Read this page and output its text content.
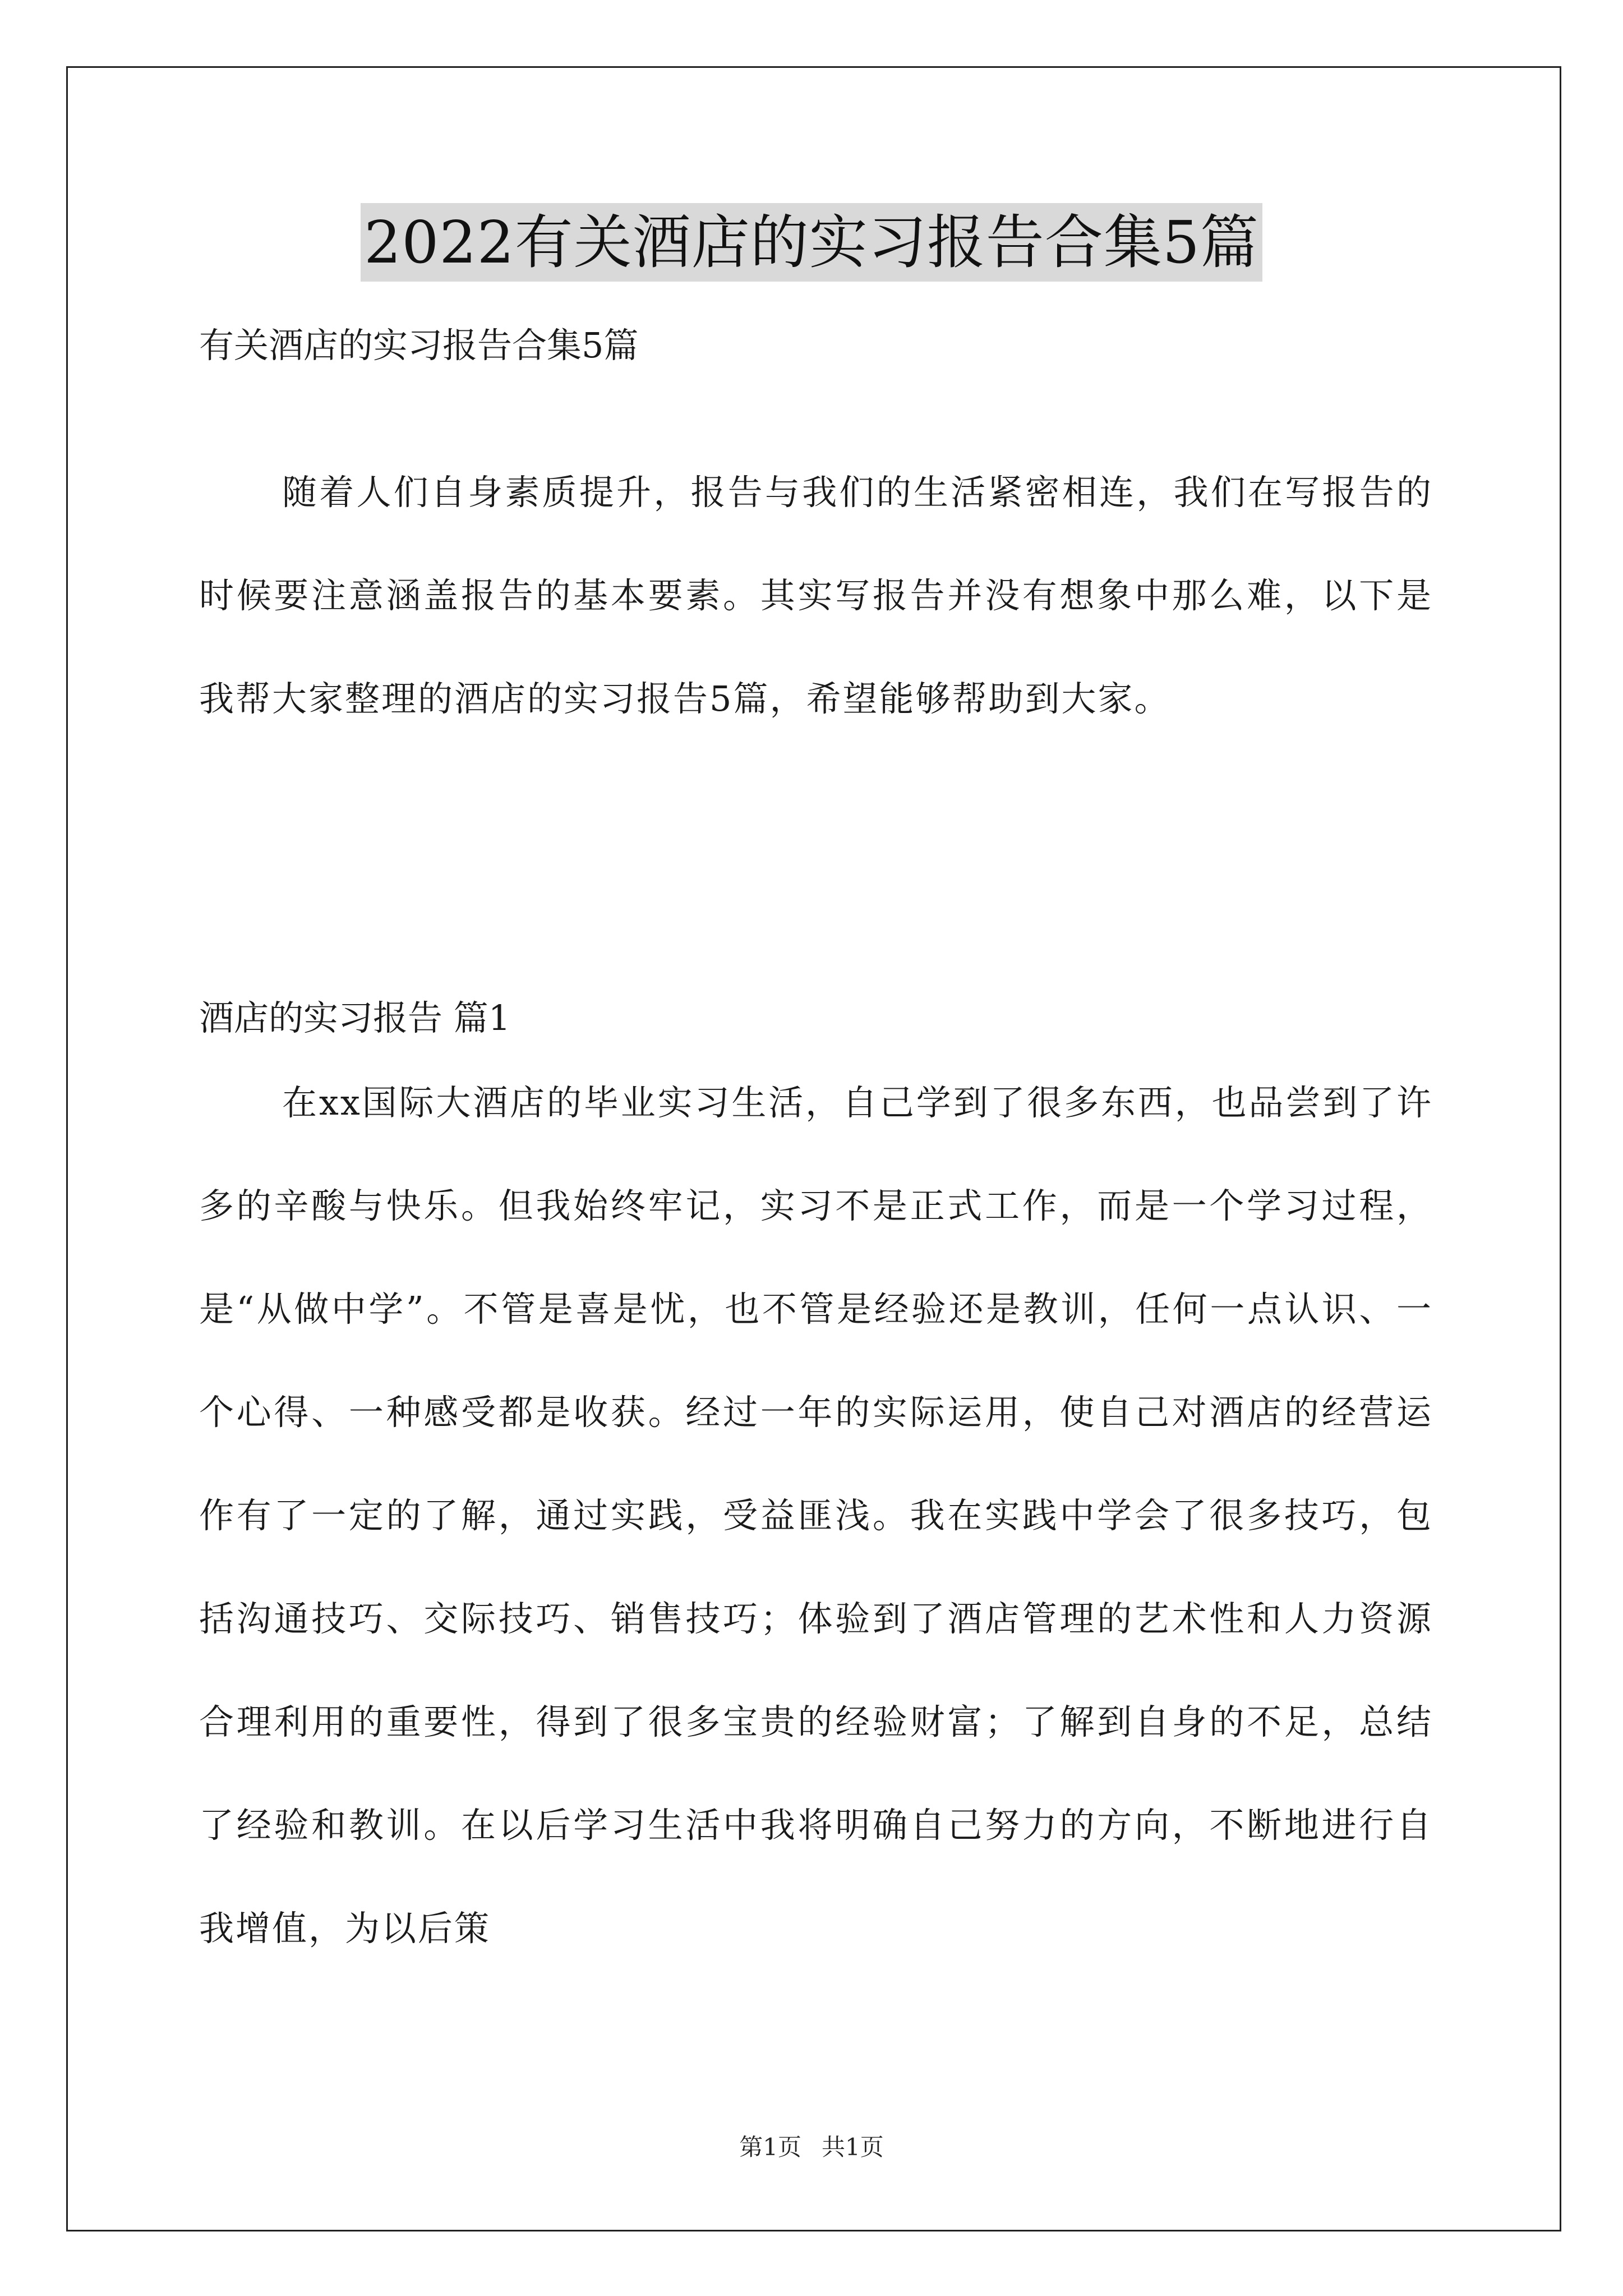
2022有关酒店的实习报告合集5篇
有关酒店的实习报告合集5篇

随着人们自身素质提升，报告与我们的生活紧密相连，我们在写报告的时候要注意涵盖报告的基本要素。其实写报告并没有想象中那么难，以下是我帮大家整理的酒店的实习报告5篇，希望能够帮助到大家。

酒店的实习报告 篇1

在xx国际大酒店的毕业实习生活，自己学到了很多东西，也品尝到了许多的辛酸与快乐。但我始终牢记，实习不是正式工作，而是一个学习过程，是“从做中学”。不管是喜是忧，也不管是经验还是教训，任何一点认识、一个心得、一种感受都是收获。经过一年的实际运用，使自己对酒店的经营运作有了一定的了解，通过实践，受益匪浅。我在实践中学会了很多技巧，包括沟通技巧、交际技巧、销售技巧；体验到了酒店管理的艺术性和人力资源合理利用的重要性，得到了很多宝贵的经验财富；了解到自身的不足，总结了经验和教训。在以后学习生活中我将明确自己努力的方向，不断地进行自我增值，为以后策

第1页 共1页
